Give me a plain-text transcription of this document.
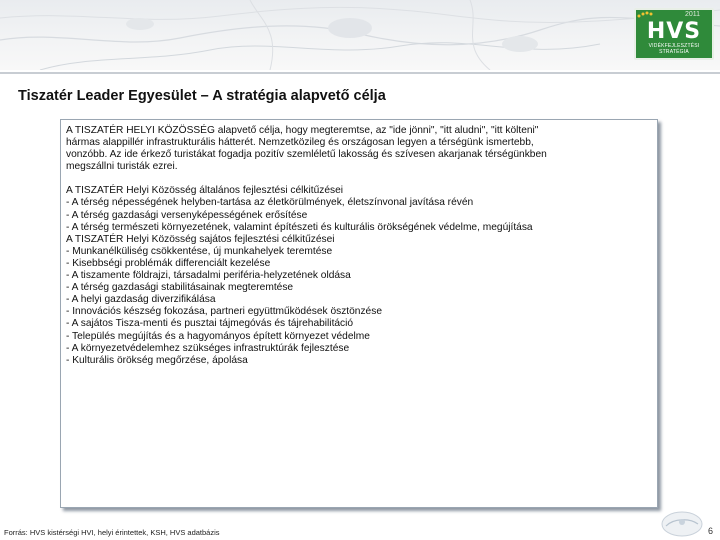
2011
HVS
VIDÉKFEJLESZTÉSI STRATÉGIA
Tiszatér Leader Egyesület – A stratégia alapvető célja

A TISZATÉR HELYI KÖZÖSSÉG alapvető célja, hogy megteremtse, az "ide jönni", "itt aludni", "itt költeni"

hármas alappillér infrastrukturális hátterét. Nemzetközileg és országosan legyen a térségünk ismertebb,

vonzóbb. Az ide érkező turistákat fogadja pozitív szemléletű lakosság és szívesen akarjanak térségünkben

megszállni turisták ezrei.

A TISZATÉR Helyi Közösség általános fejlesztési célkitűzései

- A térség népességének helyben-tartása az életkörülmények, életszínvonal javítása révén

- A térség gazdasági versenyképességének erősítése

- A térség természeti környezetének, valamint építészeti és kulturális örökségének védelme, megújítása

A TISZATÉR Helyi Közösség sajátos fejlesztési célkitűzései

- Munkanélküliség csökkentése, új munkahelyek teremtése

- Kisebbségi problémák differenciált kezelése

- A tiszamente földrajzi, társadalmi periféria-helyzetének oldása

- A térség gazdasági stabilitásainak megteremtése

- A helyi gazdaság diverzifikálása

- Innovációs készség fokozása, partneri együttműködések ösztönzése

- A sajátos Tisza-menti és pusztai tájmegóvás és tájrehabilitáció

- Település megújítás és a hagyományos épített környezet védelme

- A környezetvédelemhez szükséges infrastruktúrák fejlesztése

- Kulturális örökség megőrzése, ápolása

Forrás: HVS kistérségi HVI, helyi érintettek, KSH, HVS adatbázis	6
